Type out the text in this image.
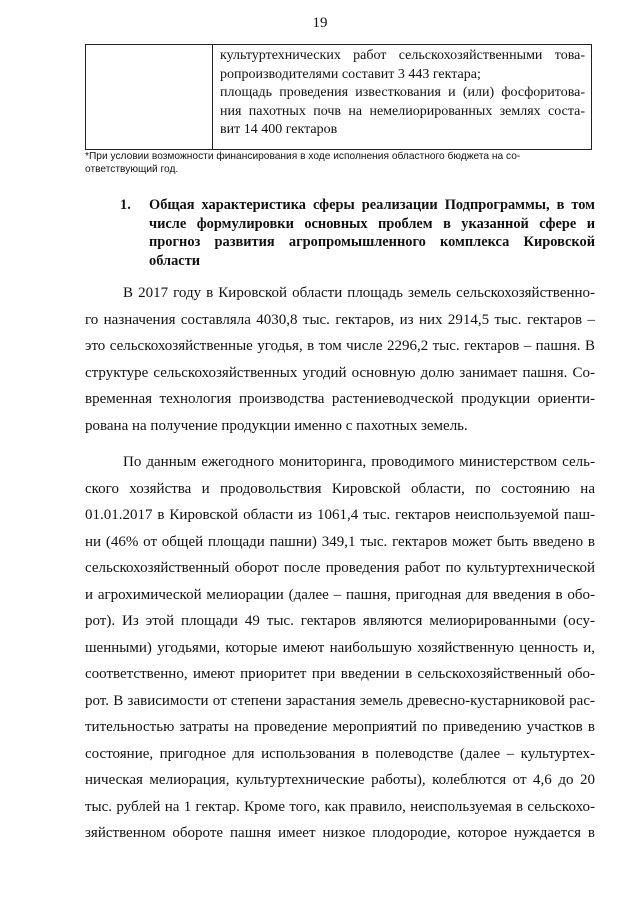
19
культуртехнических работ сельскохозяйственными това-
ропроизводителями составит 3 443 гектара;
площадь проведения известкования и (или) фосфоритова-
ния пахотных почв на немелиорированных землях соста-
вит 14 400 гектаров
*При условии возможности финансирования в ходе исполнения областного бюджета на со-
ответствующий год.
1. Общая характеристика сферы реализации Подпрограммы, в том
числе формулировки основных проблем в указанной сфере и
прогноз развития агропромышленного комплекса Кировской
области
В 2017 году в Кировской области площадь земель сельскохозяйственно-
го назначения составляла 4030,8 тыс. гектаров, из них 2914,5 тыс. гектаров –
это сельскохозяйственные угодья, в том числе 2296,2 тыс. гектаров – пашня. В
структуре сельскохозяйственных угодий основную долю занимает пашня. Со-
временная технология производства растениеводческой продукции ориенти-
рована на получение продукции именно с пахотных земель.
По данным ежегодного мониторинга, проводимого министерством сель-
ского хозяйства и продовольствия Кировской области, по состоянию на
01.01.2017 в Кировской области из 1061,4 тыс. гектаров неиспользуемой паш-
ни (46% от общей площади пашни) 349,1 тыс. гектаров может быть введено в
сельскохозяйственный оборот после проведения работ по культуртехнической
и агрохимической мелиорации (далее – пашня, пригодная для введения в обо-
рот). Из этой площади 49 тыс. гектаров являются мелиорированными (осу-
шенными) угодьями, которые имеют наибольшую хозяйственную ценность и,
соответственно, имеют приоритет при введении в сельскохозяйственный обо-
рот. В зависимости от степени зарастания земель древесно-кустарниковой рас-
тительностью затраты на проведение мероприятий по приведению участков в
состояние, пригодное для использования в полеводстве (далее – культуртех-
ническая мелиорация, культуртехнические работы), колеблются от 4,6 до 20
тыс. рублей на 1 гектар. Кроме того, как правило, неиспользуемая в сельскохо-
зяйственном обороте пашня имеет низкое плодородие, которое нуждается в
